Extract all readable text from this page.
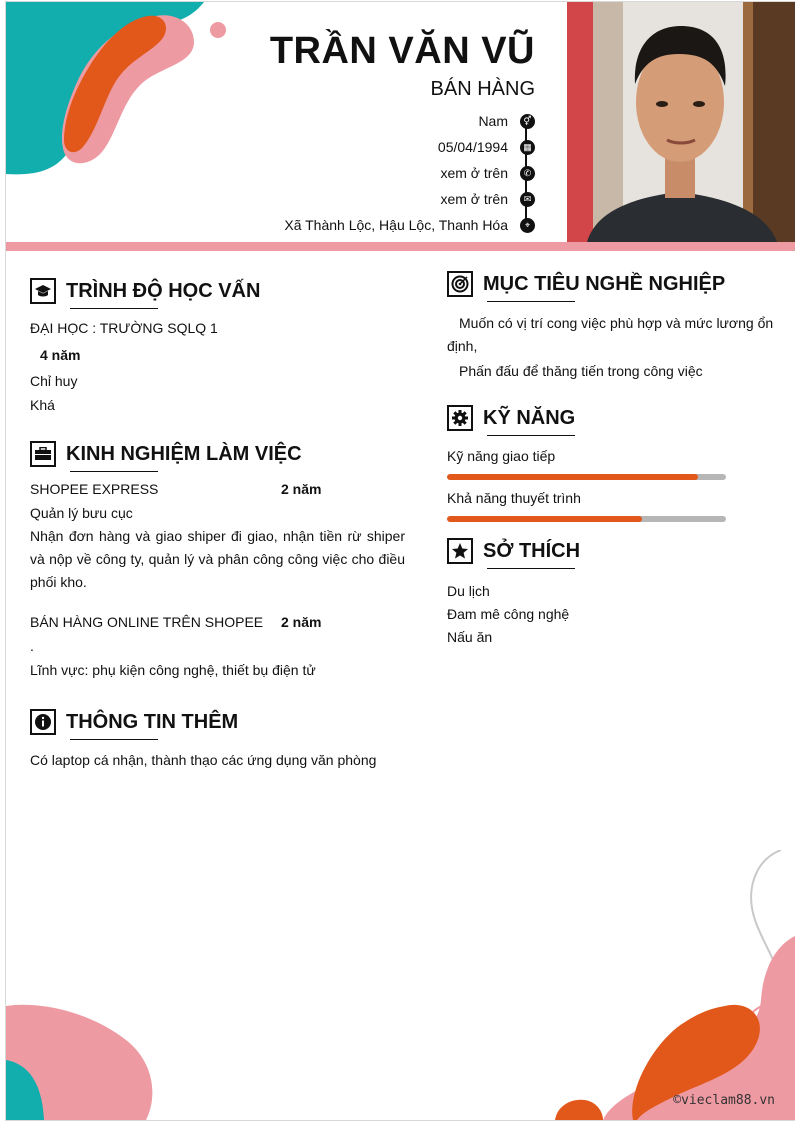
TRẦN VĂN VŨ
BÁN HÀNG
Nam	⚥
05/04/1994	▦
xem ở trên	✆
xem ở trên	✉
Xã Thành Lộc, Hậu Lộc, Thanh Hóa	⌖
TRÌNH ĐỘ HỌC VẤN
ĐẠI HỌC : TRƯỜNG SQLQ 1
4 năm
Chỉ huy
Khá
KINH NGHIỆM LÀM VIỆC
SHOPEE EXPRESS	2 năm
Quản lý bưu cục
Nhận đơn hàng và giao shiper đi giao, nhận tiền rừ shiper và nộp về công ty, quản lý và phân công công việc cho điều phối kho.
BÁN HÀNG ONLINE TRÊN SHOPEE	2 năm
.
Lĩnh vực: phụ kiện công nghệ, thiết bụ điện tử
THÔNG TIN THÊM
Có laptop cá nhận, thành thạo các ứng dụng văn phòng
MỤC TIÊU NGHỀ NGHIỆP
Muốn có vị trí cong việc phù hợp và mức lương ổn định,
Phấn đấu để thăng tiến trong công việc
KỸ NĂNG
Kỹ năng giao tiếp
Khả năng thuyết trình
SỞ THÍCH
Du lịch
Đam mê công nghệ
Nấu ăn
©vieclam88.vn
